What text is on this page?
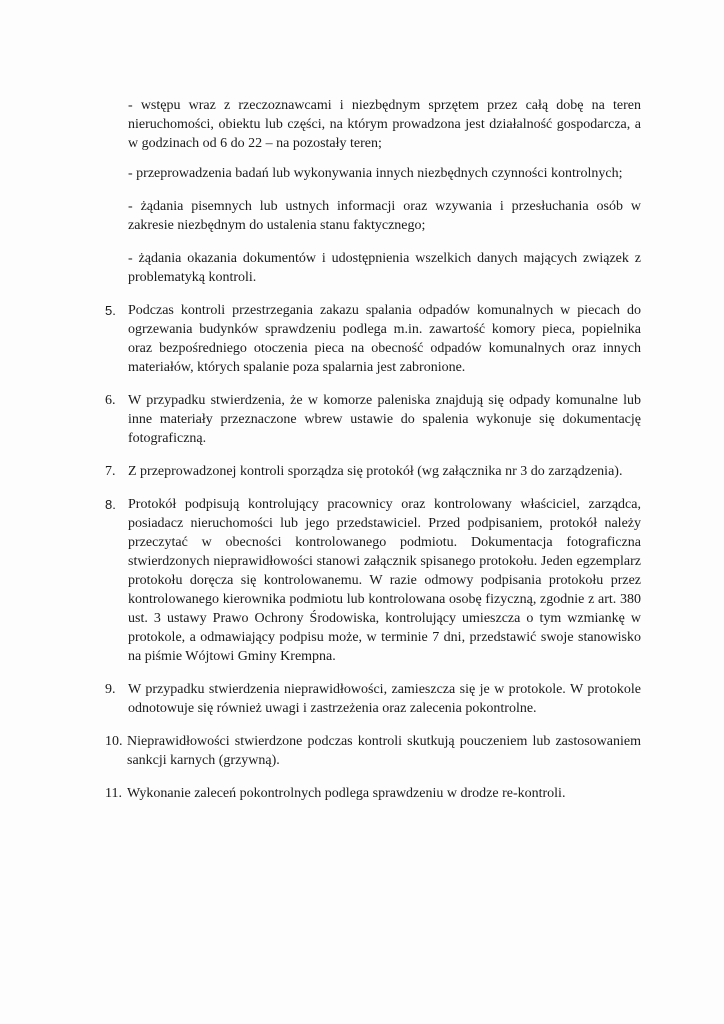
- wstępu wraz z rzeczoznawcami i niezbędnym sprzętem przez całą dobę na teren nieruchomości, obiektu lub części, na którym prowadzona jest działalność gospodarcza, a w godzinach od 6 do 22 – na pozostały teren;

- przeprowadzenia badań lub wykonywania innych niezbędnych czynności kontrolnych;

- żądania pisemnych lub ustnych informacji oraz wzywania i przesłuchania osób w zakresie niezbędnym do ustalenia stanu faktycznego;

- żądania okazania dokumentów i udostępnienia wszelkich danych mających związek z problematyką kontroli.

5. Podczas kontroli przestrzegania zakazu spalania odpadów komunalnych w piecach do ogrzewania budynków sprawdzeniu podlega m.in. zawartość komory pieca, popielnika oraz bezpośredniego otoczenia pieca na obecność odpadów komunalnych oraz innych materiałów, których spalanie poza spalarnia jest zabronione.
6. W przypadku stwierdzenia, że w komorze paleniska znajdują się odpady komunalne lub inne materiały przeznaczone wbrew ustawie do spalenia wykonuje się dokumentację fotograficzną.
7. Z przeprowadzonej kontroli sporządza się protokół (wg załącznika nr 3 do zarządzenia).
8. Protokół podpisują kontrolujący pracownicy oraz kontrolowany właściciel, zarządca, posiadacz nieruchomości lub jego przedstawiciel. Przed podpisaniem, protokół należy przeczytać w obecności kontrolowanego podmiotu. Dokumentacja fotograficzna stwierdzonych nieprawidłowości stanowi załącznik spisanego protokołu. Jeden egzemplarz protokołu doręcza się kontrolowanemu. W razie odmowy podpisania protokołu przez kontrolowanego kierownika podmiotu lub kontrolowana osobę fizyczną, zgodnie z art. 380 ust. 3 ustawy Prawo Ochrony Środowiska, kontrolujący umieszcza o tym wzmiankę w protokole, a odmawiający podpisu może, w terminie 7 dni, przedstawić swoje stanowisko na piśmie Wójtowi Gminy Krempna.
9. W przypadku stwierdzenia nieprawidłowości, zamieszcza się je w protokole. W protokole odnotowuje się również uwagi i zastrzeżenia oraz zalecenia pokontrolne.
10. Nieprawidłowości stwierdzone podczas kontroli skutkują pouczeniem lub zastosowaniem sankcji karnych (grzywną).
11. Wykonanie zaleceń pokontrolnych podlega sprawdzeniu w drodze re-kontroli.
